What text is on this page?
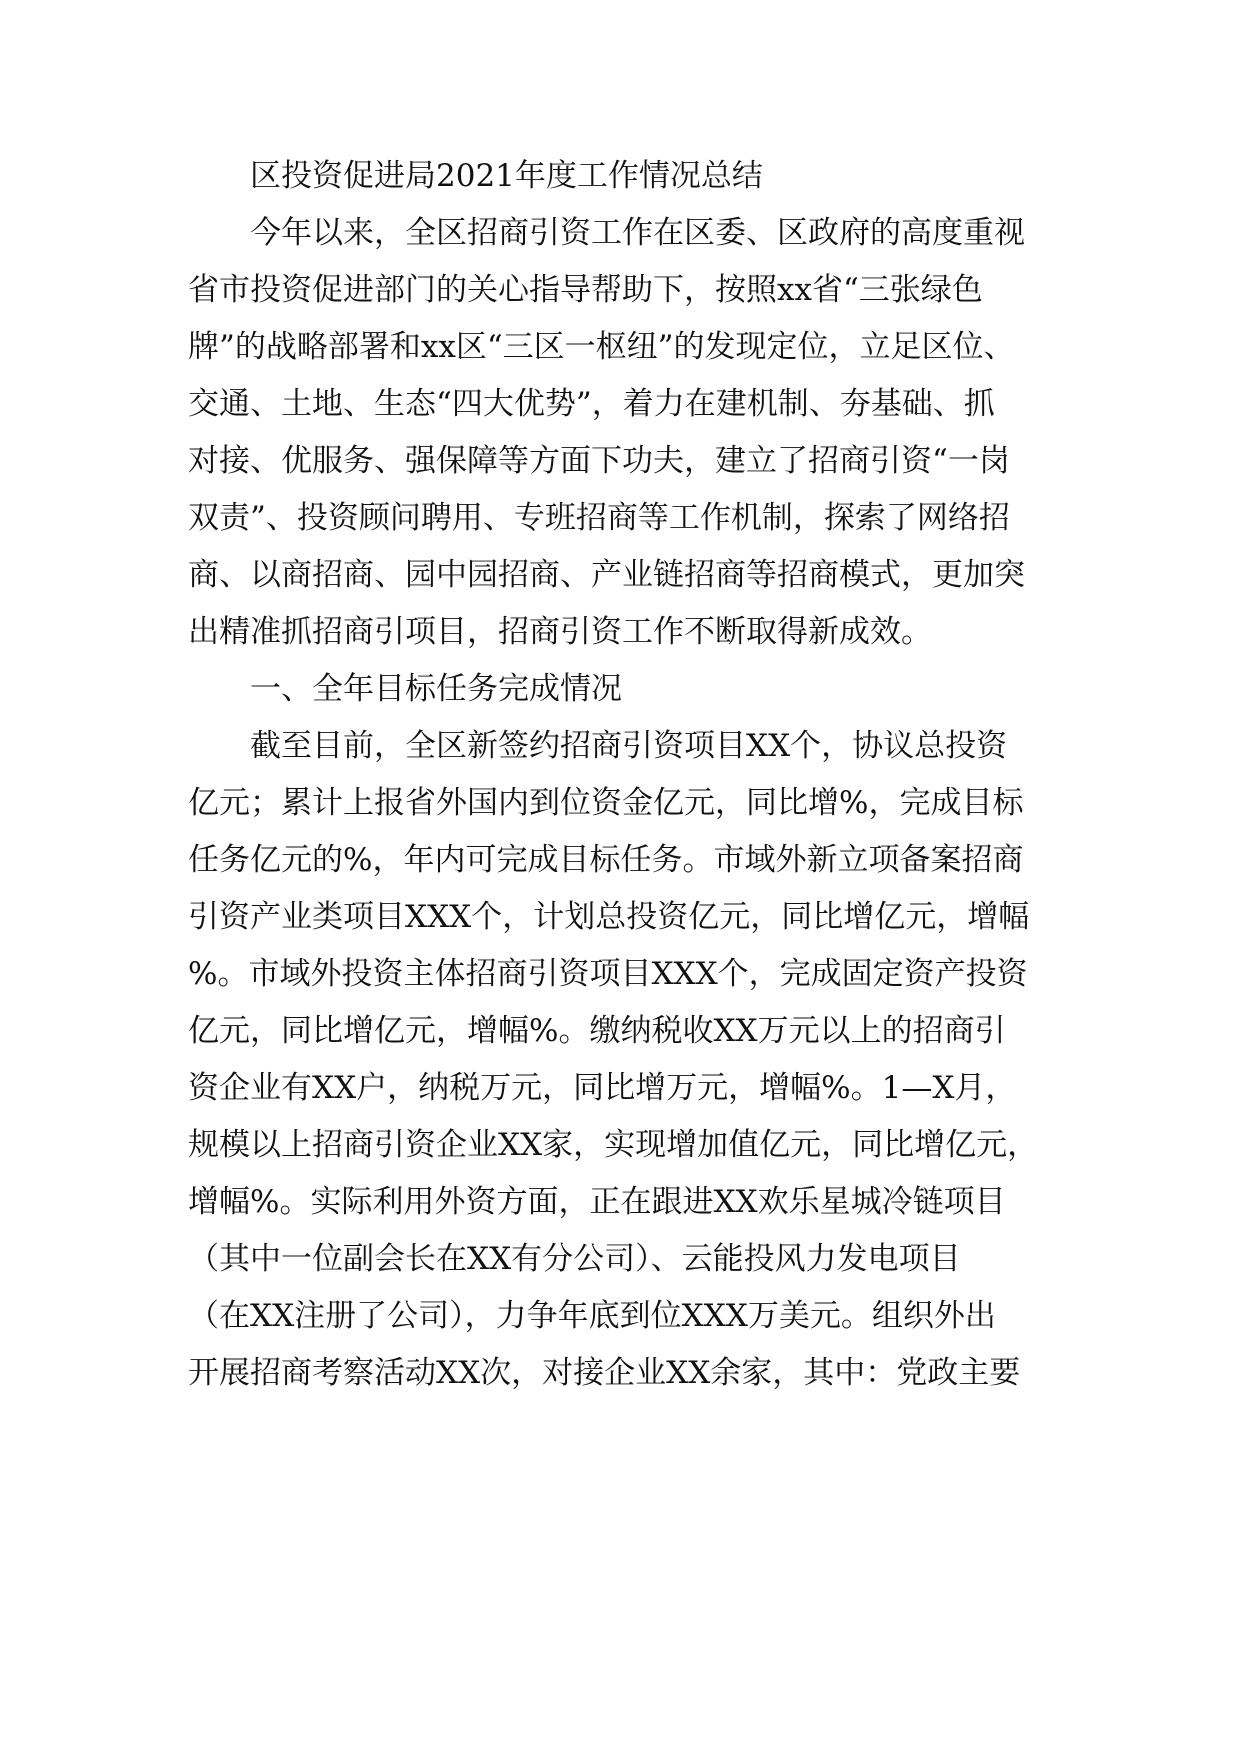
区投资促进局2021年度工作情况总结

今年以来，全区招商引资工作在区委、区政府的高度重视

省市投资促进部门的关心指导帮助下，按照xx省“三张绿色

牌”的战略部署和xx区“三区一枢纽”的发现定位，立足区位、

交通、土地、生态“四大优势”，着力在建机制、夯基础、抓

对接、优服务、强保障等方面下功夫，建立了招商引资“一岗

双责”、投资顾问聘用、专班招商等工作机制，探索了网络招

商、以商招商、园中园招商、产业链招商等招商模式，更加突

出精准抓招商引项目，招商引资工作不断取得新成效。

一、全年目标任务完成情况

截至目前，全区新签约招商引资项目XX个，协议总投资

亿元；累计上报省外国内到位资金亿元，同比增%，完成目标

任务亿元的%，年内可完成目标任务。市域外新立项备案招商

引资产业类项目XXX个，计划总投资亿元，同比增亿元，增幅

%。市域外投资主体招商引资项目XXX个，完成固定资产投资

亿元，同比增亿元，增幅%。缴纳税收XX万元以上的招商引

资企业有XX户，纳税万元，同比增万元，增幅%。1—X月，

规模以上招商引资企业XX家，实现增加值亿元，同比增亿元，

增幅%。实际利用外资方面，正在跟进XX欢乐星城冷链项目

（其中一位副会长在XX有分公司）、云能投风力发电项目

（在XX注册了公司），力争年底到位XXX万美元。组织外出

开展招商考察活动XX次，对接企业XX余家，其中：党政主要
